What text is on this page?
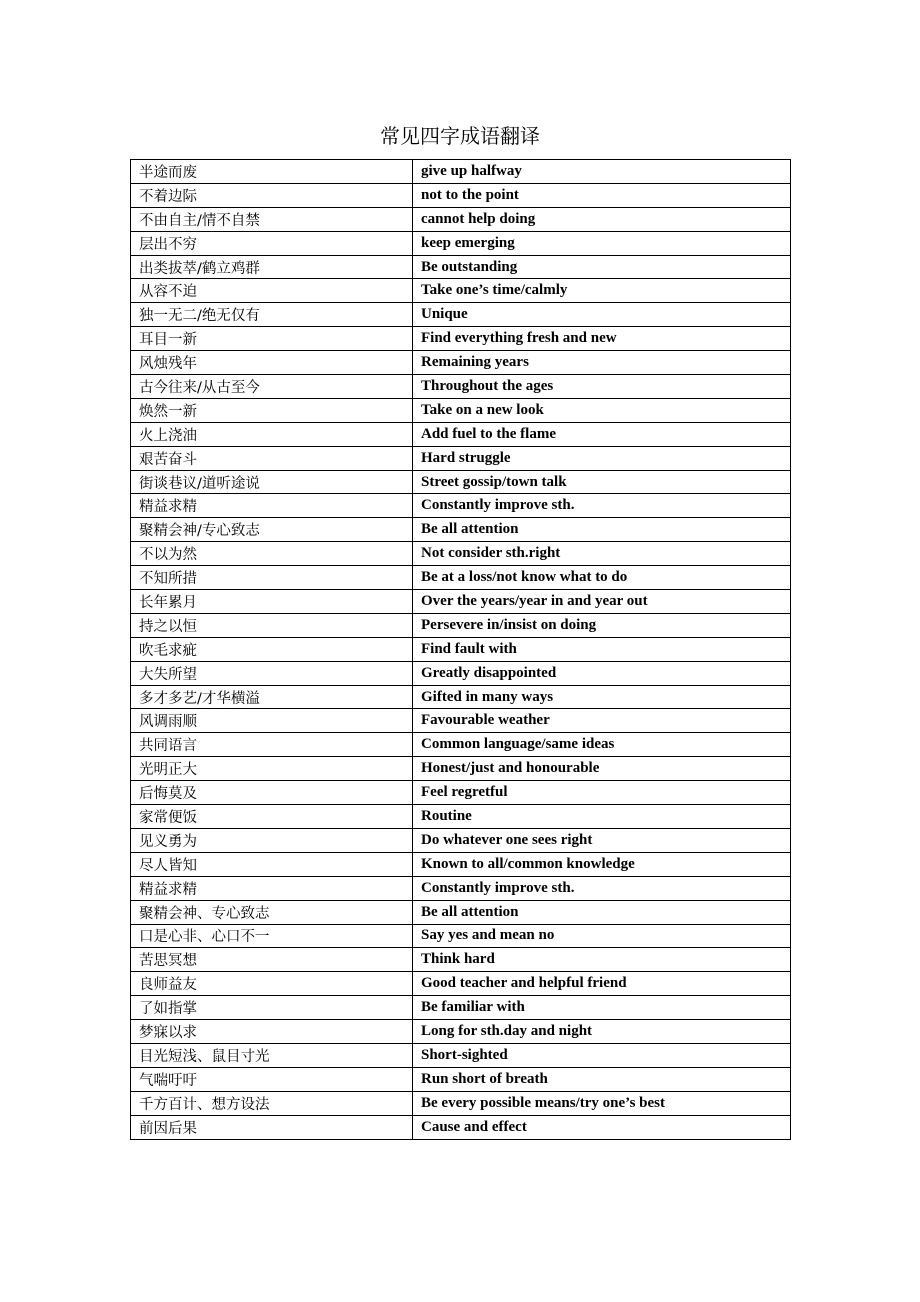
常见四字成语翻译
半途而废	give up halfway
不着边际	not to the point
不由自主/情不自禁	cannot help doing
层出不穷	keep emerging
出类拔萃/鹤立鸡群	Be outstanding
从容不迫	Take one’s time/calmly
独一无二/绝无仅有	Unique
耳目一新	Find everything fresh and new
风烛残年	Remaining years
古今往来/从古至今	Throughout the ages
焕然一新	Take on a new look
火上浇油	Add fuel to the flame
艰苦奋斗	Hard struggle
街谈巷议/道听途说	Street gossip/town talk
精益求精	Constantly improve sth.
聚精会神/专心致志	Be all attention
不以为然	Not consider sth.right
不知所措	Be at a loss/not know what to do
长年累月	Over the years/year in and year out
持之以恒	Persevere in/insist on doing
吹毛求疵	Find fault with
大失所望	Greatly disappointed
多才多艺/才华横溢	Gifted in many ways
风调雨顺	Favourable weather
共同语言	Common language/same ideas
光明正大	Honest/just and honourable
后悔莫及	Feel regretful
家常便饭	Routine
见义勇为	Do whatever one sees right
尽人皆知	Known to all/common knowledge
精益求精	Constantly improve sth.
聚精会神、专心致志	Be all attention
口是心非、心口不一	Say yes and mean no
苦思冥想	Think hard
良师益友	Good teacher and helpful friend
了如指掌	Be familiar with
梦寐以求	Long for sth.day and night
目光短浅、鼠目寸光	Short-sighted
气喘吁吁	Run short of breath
千方百计、想方设法	Be every possible means/try one’s best
前因后果	Cause and effect
